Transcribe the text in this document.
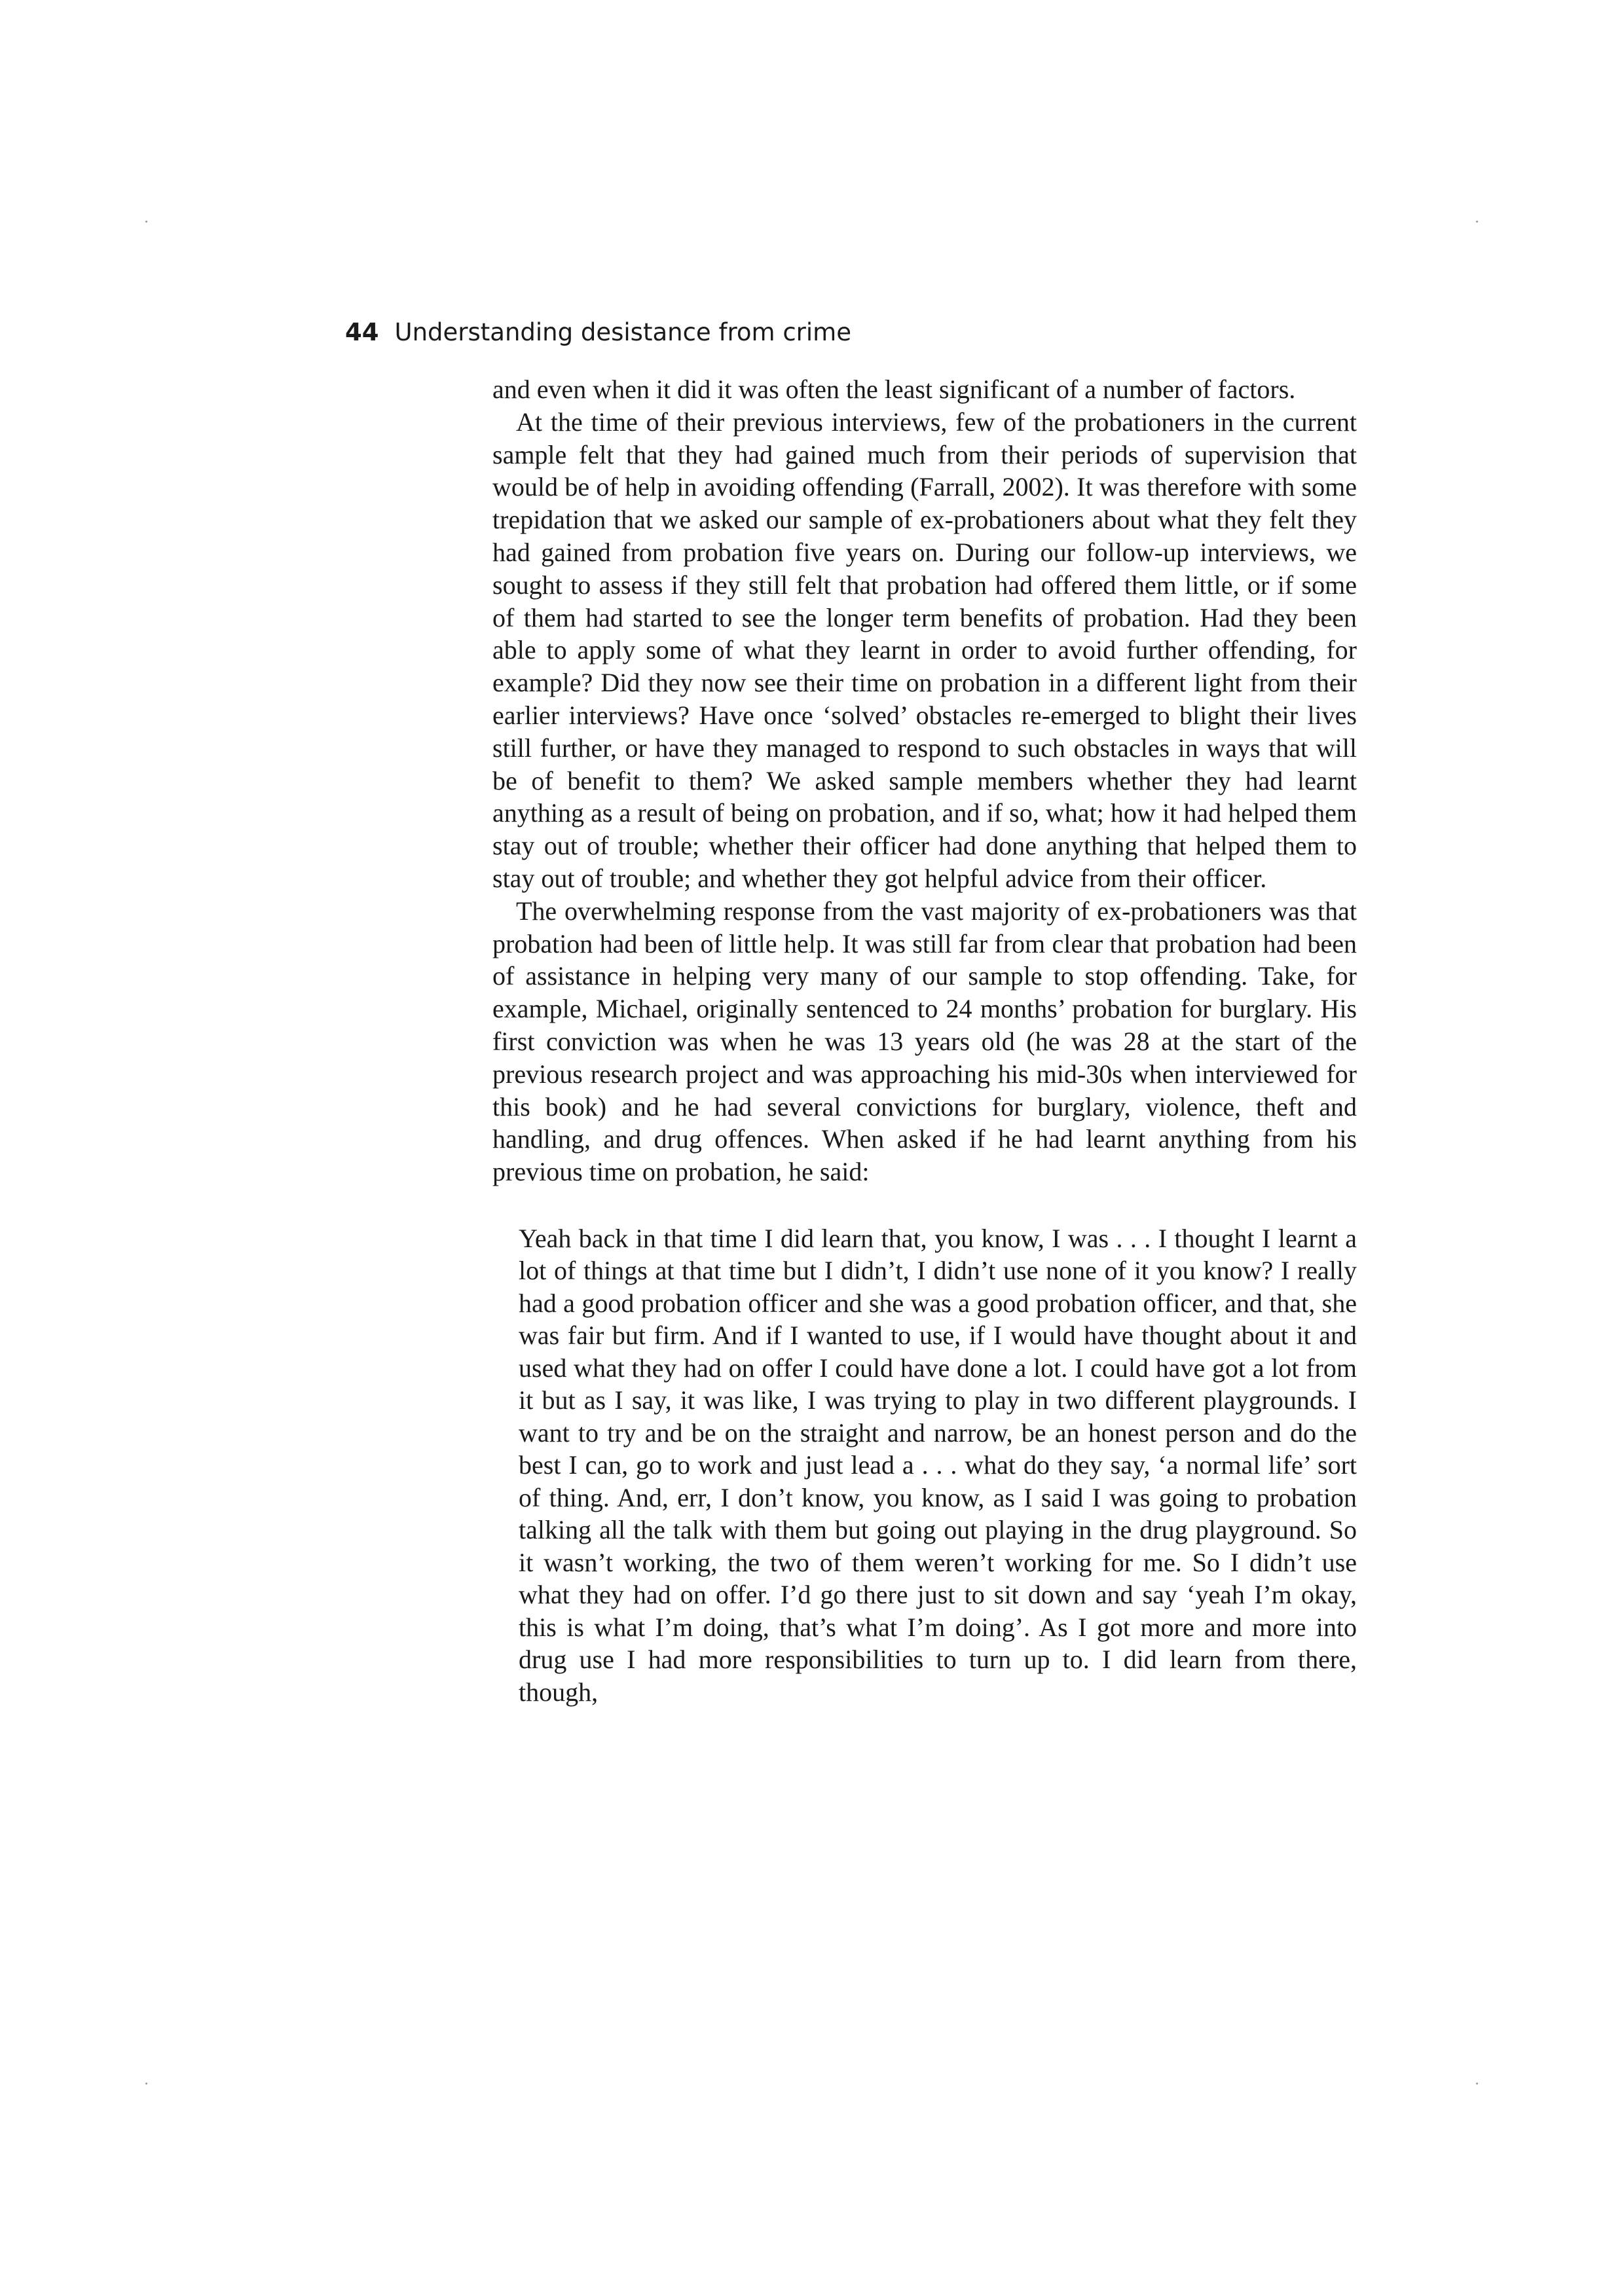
44 Understanding desistance from crime

and even when it did it was often the least significant of a number of factors.

At the time of their previous interviews, few of the probationers in the current sample felt that they had gained much from their periods of supervision that would be of help in avoiding offending (Farrall, 2002). It was therefore with some trepidation that we asked our sample of ex-probationers about what they felt they had gained from probation five years on. During our follow-up interviews, we sought to assess if they still felt that probation had offered them little, or if some of them had started to see the longer term benefits of probation. Had they been able to apply some of what they learnt in order to avoid further offending, for example? Did they now see their time on probation in a different light from their earlier interviews? Have once ‘solved’ obstacles re-emerged to blight their lives still further, or have they managed to respond to such obstacles in ways that will be of benefit to them? We asked sample members whether they had learnt anything as a result of being on probation, and if so, what; how it had helped them stay out of trouble; whether their officer had done anything that helped them to stay out of trouble; and whether they got helpful advice from their officer.

The overwhelming response from the vast majority of ex-probationers was that probation had been of little help. It was still far from clear that probation had been of assistance in helping very many of our sample to stop offending. Take, for example, Michael, originally sentenced to 24 months’ probation for burglary. His first conviction was when he was 13 years old (he was 28 at the start of the previous research project and was approaching his mid-30s when interviewed for this book) and he had several convictions for burglary, violence, theft and handling, and drug offences. When asked if he had learnt anything from his previous time on probation, he said:

Yeah back in that time I did learn that, you know, I was . . . I thought I learnt a lot of things at that time but I didn’t, I didn’t use none of it you know? I really had a good probation officer and she was a good probation officer, and that, she was fair but firm. And if I wanted to use, if I would have thought about it and used what they had on offer I could have done a lot. I could have got a lot from it but as I say, it was like, I was trying to play in two different playgrounds. I want to try and be on the straight and narrow, be an honest person and do the best I can, go to work and just lead a . . . what do they say, ‘a normal life’ sort of thing. And, err, I don’t know, you know, as I said I was going to probation talking all the talk with them but going out playing in the drug playground. So it wasn’t working, the two of them weren’t working for me. So I didn’t use what they had on offer. I’d go there just to sit down and say ‘yeah I’m okay, this is what I’m doing, that’s what I’m doing’. As I got more and more into drug use I had more responsibilities to turn up to. I did learn from there, though,
